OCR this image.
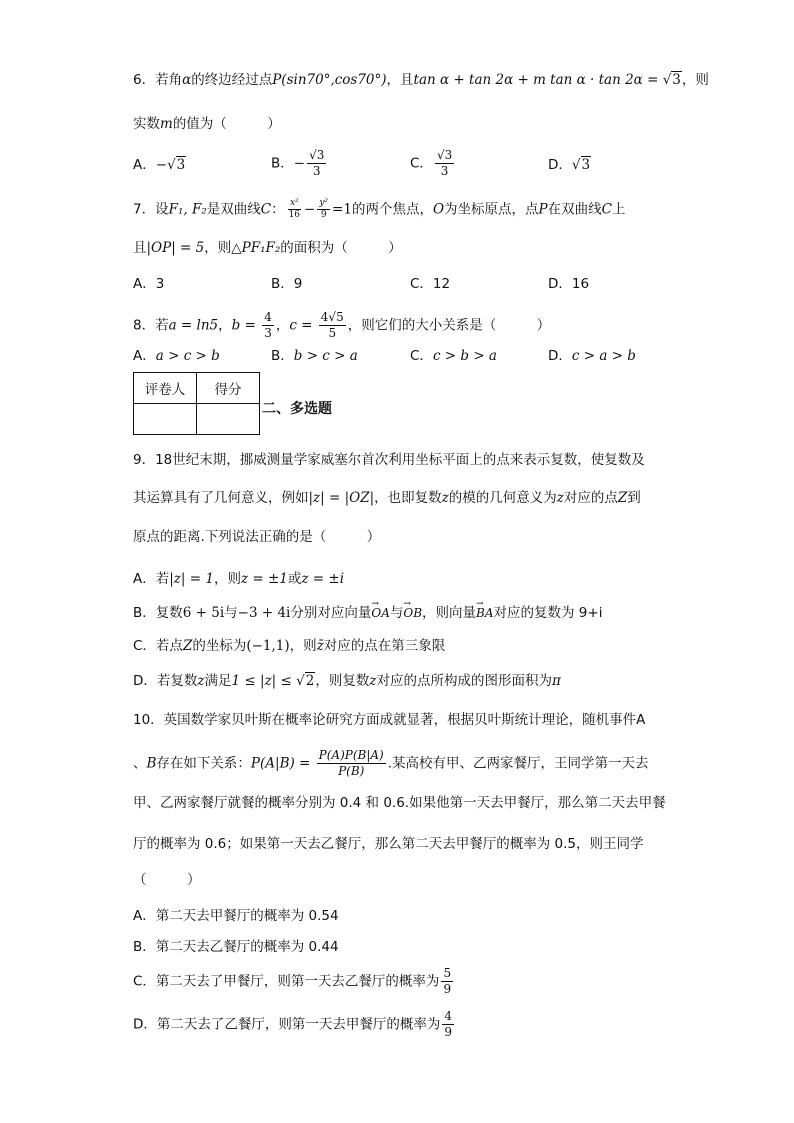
6．若角α的终边经过点P(sin70°,cos70°)，且tan α + tan 2α + m tan α · tan 2α = √3，则
实数m的值为（　　　）
A．−√3	B．− $\frac{√3}{3}$	C． $\frac{√3}{3}$	D．√3
7．设F₁, F₂是双曲线C： $\frac{\text{x²}}{16} - \frac{\text{y²}}{9} =1$的两个焦点，O为坐标原点，点P在双曲线C上
且|OP| = 5，则△PF₁F₂的面积为（　　　）
A．3	B．9	C．12	D．16
8．若a = ln5，$b = \frac{4}{3}$ ，$c = \frac{4√5}{5}$ ，则它们的大小关系是（　　　）
A．a > c > b	B．b > c > a	C．c > b > a	D．c > a > b
评卷人	得分

二、多选题
9．18世纪末期，挪威测量学家威塞尔首次利用坐标平面上的点来表示复数，使复数及
其运算具有了几何意义，例如|z| = |OZ|，也即复数z的模的几何意义为z对应的点Z到
原点的距离.下列说法正确的是（　　　）
A．若|z| = 1，则z = ±1或z = ±i
B．复数6 + 5i与−3 + 4i分别对应向量→ OA与→ OB，则向量→ BA对应的复数为 9+i
C．若点Z的坐标为(−1,1)，则z̄对应的点在第三象限
D．若复数z满足1 ≤ |z| ≤ √2，则复数z对应的点所构成的图形面积为π
10．英国数学家贝叶斯在概率论研究方面成就显著，根据贝叶斯统计理论，随机事件A
、B存在如下关系：$P(A|B) = \frac{P(A)P(B|A)}{P(B)}$ .某高校有甲、乙两家餐厅，王同学第一天去
甲、乙两家餐厅就餐的概率分别为 0.4 和 0.6.如果他第一天去甲餐厅，那么第二天去甲餐
厅的概率为 0.6；如果第一天去乙餐厅，那么第二天去甲餐厅的概率为 0.5，则王同学
（　　　）
A．第二天去甲餐厅的概率为 0.54
B．第二天去乙餐厅的概率为 0.44
C．第二天去了甲餐厅，则第一天去乙餐厅的概率为 $\frac{5}{9}$
D．第二天去了乙餐厅，则第一天去甲餐厅的概率为 $\frac{4}{9}$
